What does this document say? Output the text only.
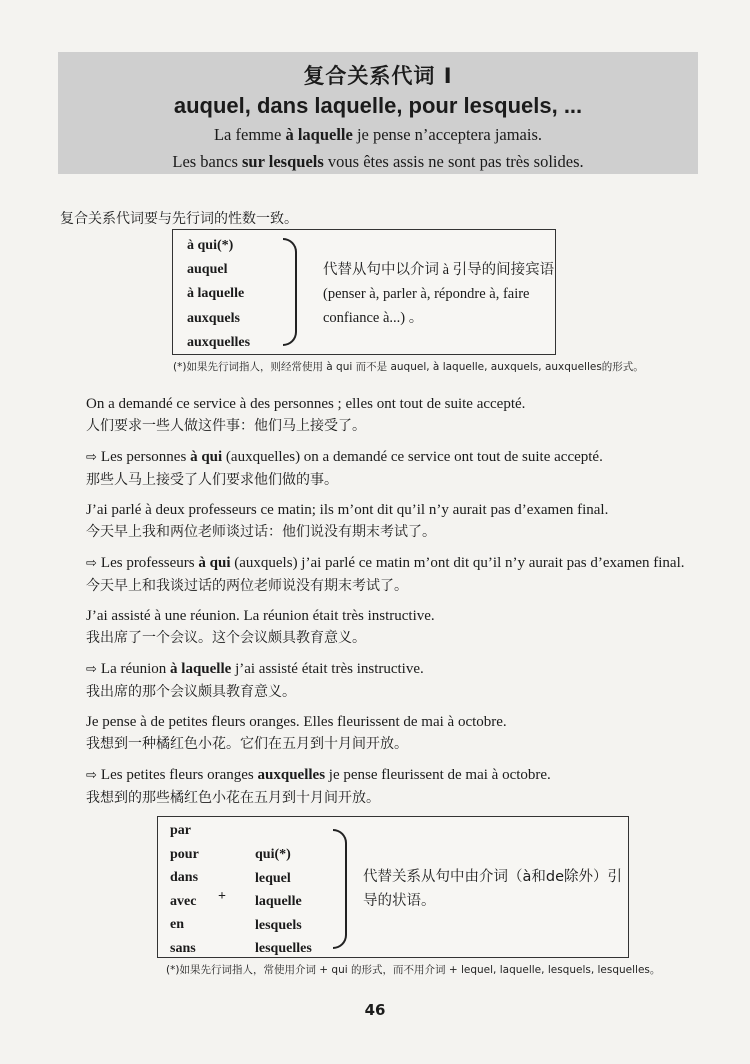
复合关系代词 I
auquel, dans laquelle, pour lesquels, ...
La femme à laquelle je pense n’acceptera jamais.
Les bancs sur lesquels vous êtes assis ne sont pas très solides.
复合关系代词要与先行词的性数一致。
à qui(*)
auquel
à laquelle
auxquels
auxquelles
代替从句中以介词 à 引导的间接宾语 (penser à, parler à, répondre à, faire confiance à...) 。
(*)如果先行词指人，则经常使用 à qui 而不是 auquel, à laquelle, auxquels, auxquelles的形式。
On a demandé ce service à des personnes ; elles ont tout de suite accepté.
人们要求一些人做这件事：他们马上接受了。
⇨ Les personnes à qui (auxquelles) on a demandé ce service ont tout de suite accepté.
那些人马上接受了人们要求他们做的事。
J’ai parlé à deux professeurs ce matin; ils m’ont dit qu’il n’y aurait pas d’examen final.
今天早上我和两位老师谈过话：他们说没有期末考试了。
⇨ Les professeurs à qui (auxquels) j’ai parlé ce matin m’ont dit qu’il n’y aurait pas d’examen final.
今天早上和我谈过话的两位老师说没有期末考试了。
J’ai assisté à une réunion. La réunion était très instructive.
我出席了一个会议。这个会议颇具教育意义。
⇨ La réunion à laquelle j’ai assisté était très instructive.
我出席的那个会议颇具教育意义。
Je pense à de petites fleurs oranges. Elles fleurissent de mai à octobre.
我想到一种橘红色小花。它们在五月到十月间开放。
⇨ Les petites fleurs oranges auxquelles je pense fleurissent de mai à octobre.
我想到的那些橘红色小花在五月到十月间开放。
par
pour
dans
avec
en
sans
+
qui(*)
lequel
laquelle
lesquels
lesquelles
代替关系从句中由介词（à和de除外）引导的状语。
(*)如果先行词指人，常使用介词 + qui 的形式，而不用介词 + lequel, laquelle, lesquels, lesquelles。
46
